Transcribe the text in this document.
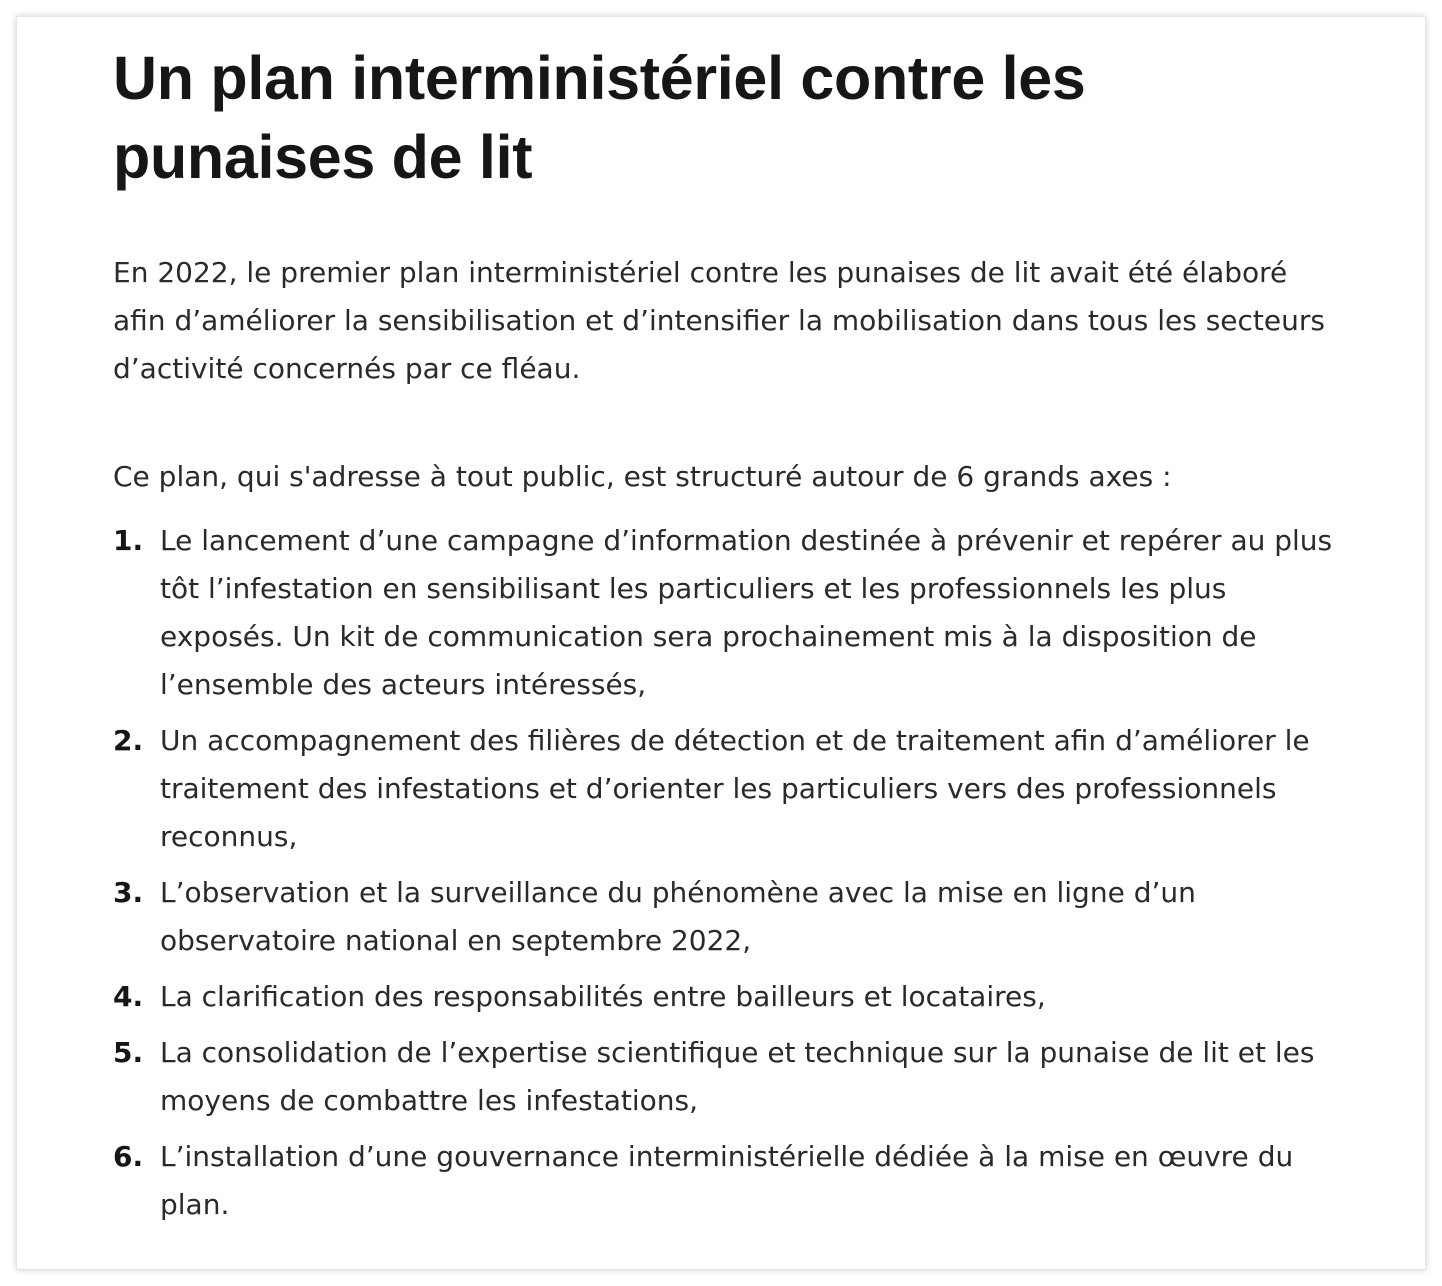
Un plan interministériel contre les punaises de lit

En 2022, le premier plan interministériel contre les punaises de lit avait été élaboré afin d’améliorer la sensibilisation et d’intensifier la mobilisation dans tous les secteurs d’activité concernés par ce fléau.

Ce plan, qui s'adresse à tout public, est structuré autour de 6 grands axes :

1. Le lancement d’une campagne d’information destinée à prévenir et repérer au plus tôt l’infestation en sensibilisant les particuliers et les professionnels les plus exposés. Un kit de communication sera prochainement mis à la disposition de l’ensemble des acteurs intéressés,
2. Un accompagnement des filières de détection et de traitement afin d’améliorer le traitement des infestations et d’orienter les particuliers vers des professionnels reconnus,
3. L’observation et la surveillance du phénomène avec la mise en ligne d’un observatoire national en septembre 2022,
4. La clarification des responsabilités entre bailleurs et locataires,
5. La consolidation de l’expertise scientifique et technique sur la punaise de lit et les moyens de combattre les infestations,
6. L’installation d’une gouvernance interministérielle dédiée à la mise en œuvre du plan.
